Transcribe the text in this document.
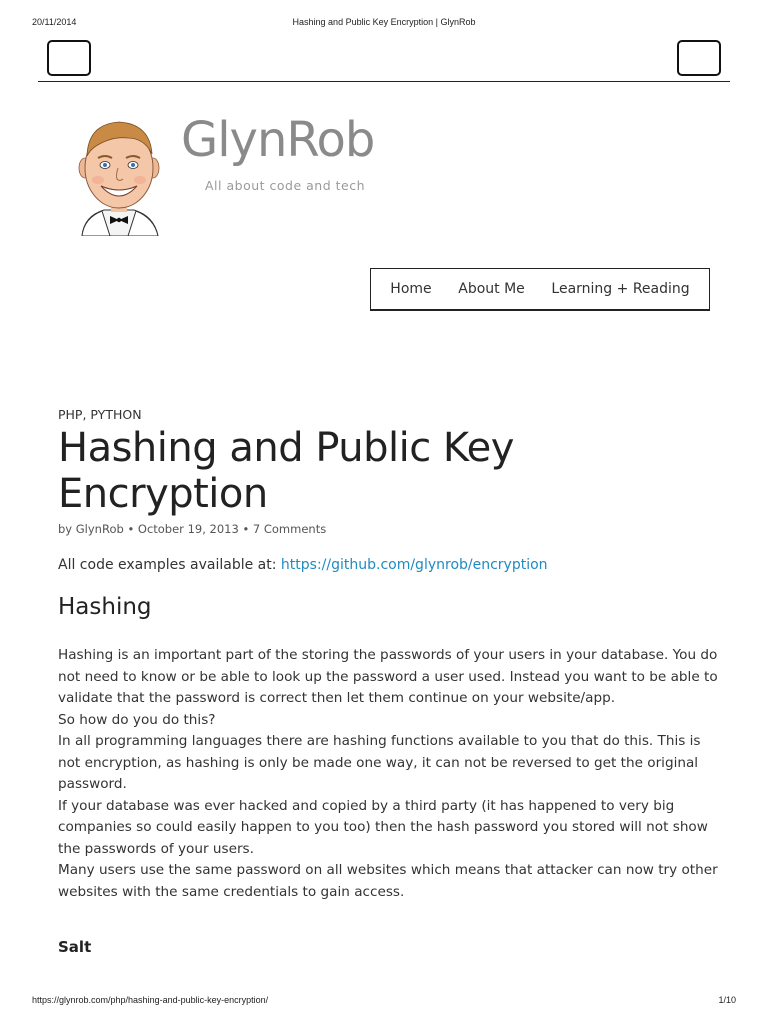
20/11/2014	Hashing and Public Key Encryption | GlynRob
GlynRob
All about code and tech
Home About Me Learning + Reading
PHP, PYTHON
Hashing and Public Key Encryption
by GlynRob • October 19, 2013 • 7 Comments
All code examples available at: https://github.com/glynrob/encryption
Hashing

Hashing is an important part of the storing the passwords of your users in your database. You do not need to know or be able to look up the password a user used. Instead you want to be able to validate that the password is correct then let them continue on your website/app.

So how do you do this?

In all programming languages there are hashing functions available to you that do this. This is not encryption, as hashing is only be made one way, it can not be reversed to get the original password.

If your database was ever hacked and copied by a third party (it has happened to very big companies so could easily happen to you too) then the hash password you stored will not show the passwords of your users.

Many users use the same password on all websites which means that attacker can now try other websites with the same credentials to gain access.

Salt
https://glynrob.com/php/hashing-and-public-key-encryption/	1/10
